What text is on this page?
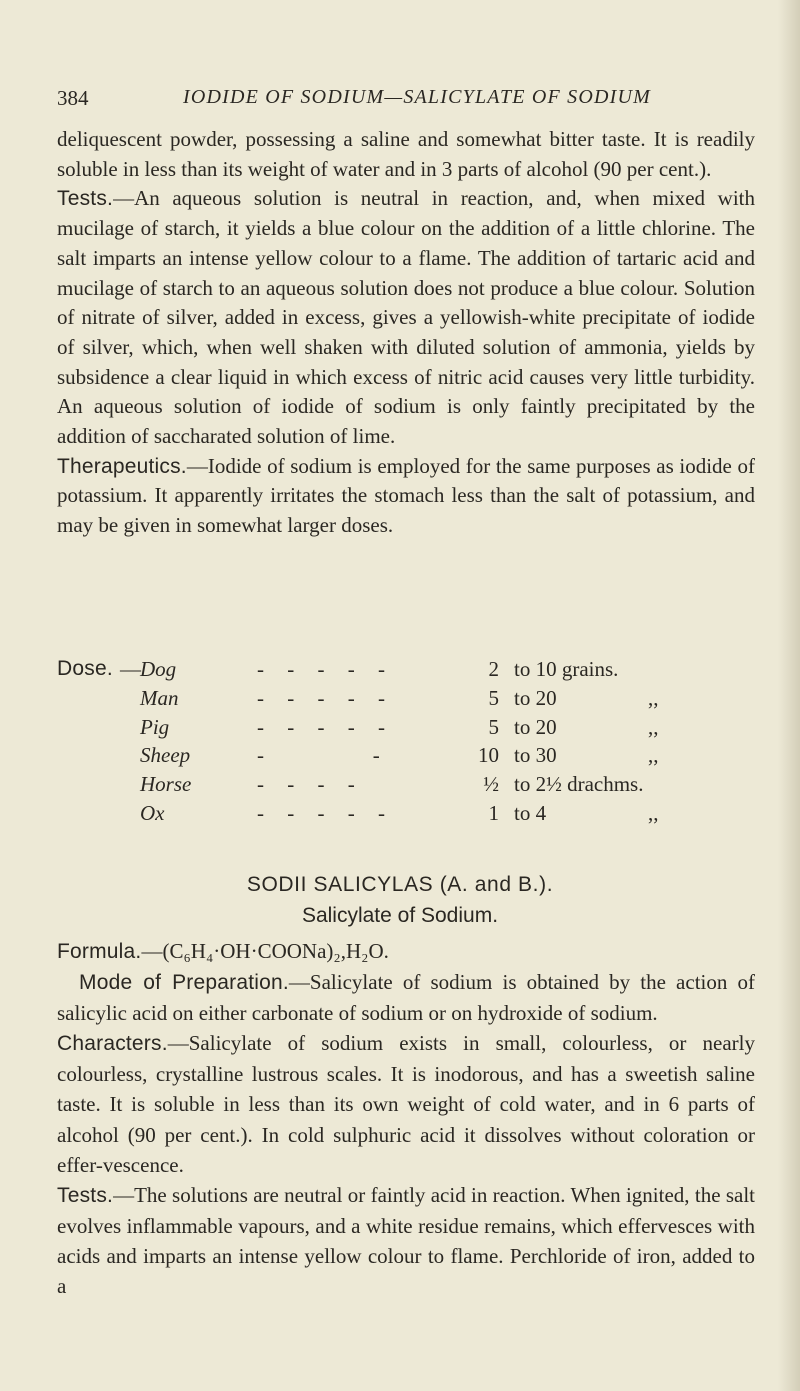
384	IODIDE OF SODIUM—SALICYLATE OF SODIUM

deliquescent powder, possessing a saline and somewhat bitter taste. It is readily soluble in less than its weight of water and in 3 parts of alcohol (90 per cent.).

Tests.—An aqueous solution is neutral in reaction, and, when mixed with mucilage of starch, it yields a blue colour on the addition of a little chlorine. The salt imparts an intense yellow colour to a flame. The addition of tartaric acid and mucilage of starch to an aqueous solution does not produce a blue colour. Solution of nitrate of silver, added in excess, gives a yellowish-white precipitate of iodide of silver, which, when well shaken with diluted solution of ammonia, yields by subsidence a clear liquid in which excess of nitric acid causes very little turbidity. An aqueous solution of iodide of sodium is only faintly precipitated by the addition of saccharated solution of lime.

Therapeutics.—Iodide of sodium is employed for the same purposes as iodide of potassium. It apparently irritates the stomach less than the salt of potassium, and may be given in somewhat larger doses.

Dose. — Dog	- - - - -	2 to 10 grains.
Man	- - - - -	5 to 20	,,
Pig	- - - - -	5 to 20	,,
Sheep	-       -	10 to 30	,,
Horse	- - - -	½ to 2½ drachms.
Ox	- - - - -	1 to 4	,,
SODII SALICYLAS (A. and B.).
Salicylate of Sodium.

Formula.—(C₆H₄·OH·COONa)₂,H₂O.

Mode of Preparation.—Salicylate of sodium is obtained by the action of salicylic acid on either carbonate of sodium or on hydroxide of sodium.

Characters.—Salicylate of sodium exists in small, colourless, or nearly colourless, crystalline lustrous scales. It is inodorous, and has a sweetish saline taste. It is soluble in less than its own weight of cold water, and in 6 parts of alcohol (90 per cent.). In cold sulphuric acid it dissolves without coloration or effer-vescence.

Tests.—The solutions are neutral or faintly acid in reaction. When ignited, the salt evolves inflammable vapours, and a white residue remains, which effervesces with acids and imparts an intense yellow colour to flame. Perchloride of iron, added to a
